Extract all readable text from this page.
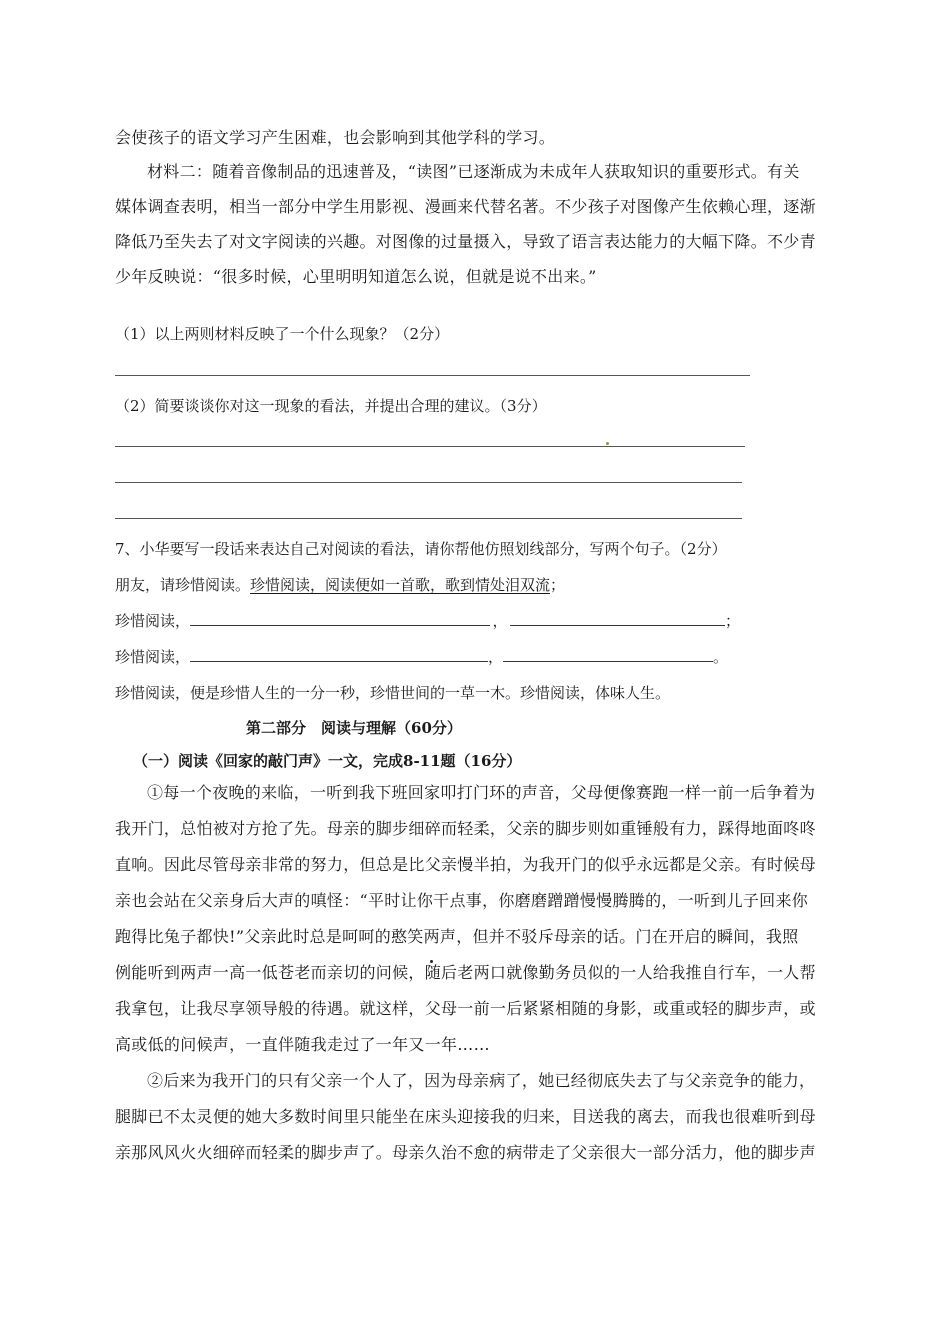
会使孩子的语文学习产生困难，也会影响到其他学科的学习。
材料二：随着音像制品的迅速普及，“读图”已逐渐成为未成年人获取知识的重要形式。有关
媒体调查表明，相当一部分中学生用影视、漫画来代替名著。不少孩子对图像产生依赖心理，逐渐
降低乃至失去了对文字阅读的兴趣。对图像的过量摄入，导致了语言表达能力的大幅下降。不少青
少年反映说：“很多时候，心里明明知道怎么说，但就是说不出来。”
（1）以上两则材料反映了一个什么现象？（2分）
（2）简要谈谈你对这一现象的看法，并提出合理的建议。（3分）
7、小华要写一段话来表达自己对阅读的看法，请你帮他仿照划线部分，写两个句子。（2分）
朋友，请珍惜阅读。珍惜阅读，阅读便如一首歌，歌到情处泪双流；
珍惜阅读，	，	；
珍惜阅读，	，	。
珍惜阅读，便是珍惜人生的一分一秒，珍惜世间的一草一木。珍惜阅读，体味人生。
第二部分　阅读与理解（60分）
（一）阅读《回家的敲门声》一文，完成8-11题（16分）
①每一个夜晚的来临，一听到我下班回家叩打门环的声音，父母便像赛跑一样一前一后争着为
我开门，总怕被对方抢了先。母亲的脚步细碎而轻柔，父亲的脚步则如重锤般有力，踩得地面咚咚
直响。因此尽管母亲非常的努力，但总是比父亲慢半拍，为我开门的似乎永远都是父亲。有时候母
亲也会站在父亲身后大声的嗔怪：“平时让你干点事，你磨磨蹭蹭慢慢腾腾的，一听到儿子回来你
跑得比兔子都快!”父亲此时总是呵呵的憨笑两声，但并不驳斥母亲的话。门在开启的瞬间，我照
例能听到两声一高一低苍老而亲切的问候，随后老两口就像勤务员似的一人给我推自行车，一人帮
我拿包，让我尽享领导般的待遇。就这样，父母一前一后紧紧相随的身影，或重或轻的脚步声，或
高或低的问候声，一直伴随我走过了一年又一年……
②后来为我开门的只有父亲一个人了，因为母亲病了，她已经彻底失去了与父亲竞争的能力，
腿脚已不太灵便的她大多数时间里只能坐在床头迎接我的归来，目送我的离去，而我也很难听到母
亲那风风火火细碎而轻柔的脚步声了。母亲久治不愈的病带走了父亲很大一部分活力，他的脚步声
